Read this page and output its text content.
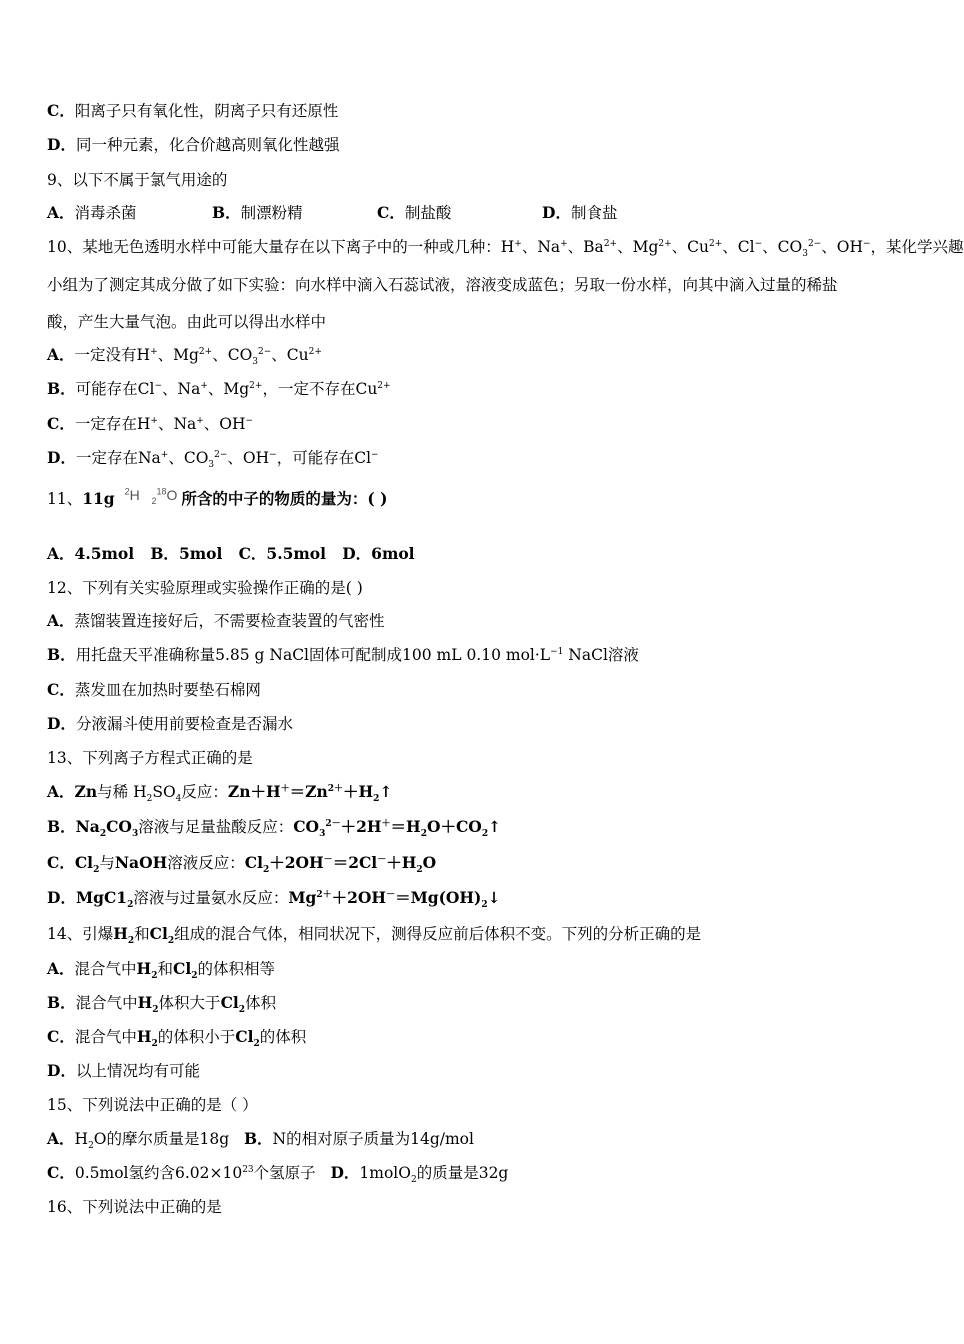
C．阳离子只有氧化性，阴离子只有还原性
D．同一种元素，化合价越高则氧化性越强
9、以下不属于氯气用途的
A．消毒杀菌	B．制漂粉精	C．制盐酸	D．制食盐
10、某地无色透明水样中可能大量存在以下离子中的一种或几种：H+、Na+、$Ba^{2+}$、$Mg^{2+}$、$Cu^{2+}$、Cl−、$CO_3^{2-}$、OH−，某化学兴趣
小组为了测定其成分做了如下实验：向水样中滴入石蕊试液，溶液变成蓝色；另取一份水样，向其中滴入过量的稀盐
酸，产生大量气泡。由此可以得出水样中
A．一定没有H+、$Mg^{2+}$、$CO_3^{2-}$、$Cu^{2+}$
B．可能存在Cl−、Na+、$Mg^{2+}$，一定不存在$Cu^{2+}$
C．一定存在H+、Na+、OH−
D．一定存在Na+、$CO_3^{2-}$、OH−，可能存在Cl−
11、11g $^2$H   $_2^{18}$O 所含的中子的物质的量为：( )
A．4.5mol B．5mol C．5.5mol D．6mol
12、下列有关实验原理或实验操作正确的是( )
A．蒸馏装置连接好后，不需要检查装置的气密性
B．用托盘天平准确称量5.85 g NaCl固体可配制成100 mL 0.10 $mol\cdot L^{-1}$ NaCl溶液
C．蒸发皿在加热时要垫石棉网
D．分液漏斗使用前要检查是否漏水
13、下列离子方程式正确的是
A．Zn与稀 $H_2SO_4$反应：$Zn+H^+=Zn^{2+}+H_2↑$
B．$Na_2CO_3$溶液与足量盐酸反应：$CO_3^{2-}+2H^+=H_2O+CO_2↑$
C．$Cl_2$与NaOH溶液反应：$Cl_2+2OH^-=2Cl^-+H_2O$
D．$MgC1_2$溶液与过量氨水反应：$Mg^{2+}+2OH^-=Mg(OH)_2↓$
14、引爆$H_2$和$Cl_2$组成的混合气体，相同状况下，测得反应前后体积不变。下列的分析正确的是
A．混合气中$H_2$和$Cl_2$的体积相等
B．混合气中$H_2$体积大于$Cl_2$体积
C．混合气中$H_2$的体积小于$Cl_2$的体积
D．以上情况均有可能
15、下列说法中正确的是（ ）
A．$H_2O$的摩尔质量是18g B．N的相对原子质量为14g/mol
C．0.5mol氢约含$6.02\times 10^{23}$个氢原子 D．1molO$_2$的质量是32g
16、下列说法中正确的是
